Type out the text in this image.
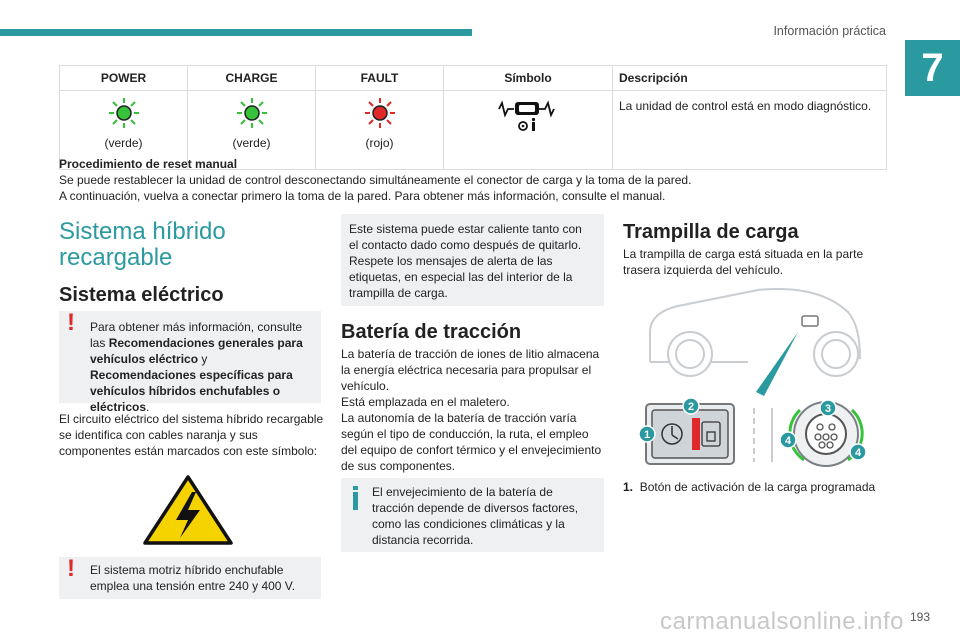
Información práctica
7
POWER	CHARGE	FAULT	Símbolo	Descripción

(verde)	(verde)	(rojo)		La unidad de control está en modo diagnóstico.
Procedimiento de reset manual
Se puede restablecer la unidad de control desconectando simultáneamente el conector de carga y la toma de la pared.
A continuación, vuelva a conectar primero la toma de la pared. Para obtener más información, consulte el manual.
Sistema híbrido
recargable
Sistema eléctrico
! Para obtener más información, consulte las Recomendaciones generales para vehículos eléctrico y Recomendaciones específicas para vehículos híbridos enchufables o eléctricos.
El circuito eléctrico del sistema híbrido recargable se identifica con cables naranja y sus componentes están marcados con este símbolo:
! El sistema motriz híbrido enchufable emplea una tensión entre 240 y 400 V.
Este sistema puede estar caliente tanto con el contacto dado como después de quitarlo. Respete los mensajes de alerta de las etiquetas, en especial las del interior de la trampilla de carga.
Batería de tracción
La batería de tracción de iones de litio almacena la energía eléctrica necesaria para propulsar el vehículo.
Está emplazada en el maletero.
La autonomía de la batería de tracción varía según el tipo de conducción, la ruta, el empleo del equipo de confort térmico y el envejecimiento de sus componentes.
El envejecimiento de la batería de tracción depende de diversos factores, como las condiciones climáticas y la distancia recorrida.
Trampilla de carga
La trampilla de carga está situada en la parte trasera izquierda del vehículo.
1
2	3
4
4
1. Botón de activación de la carga programada
carmanualsonline.info 193
